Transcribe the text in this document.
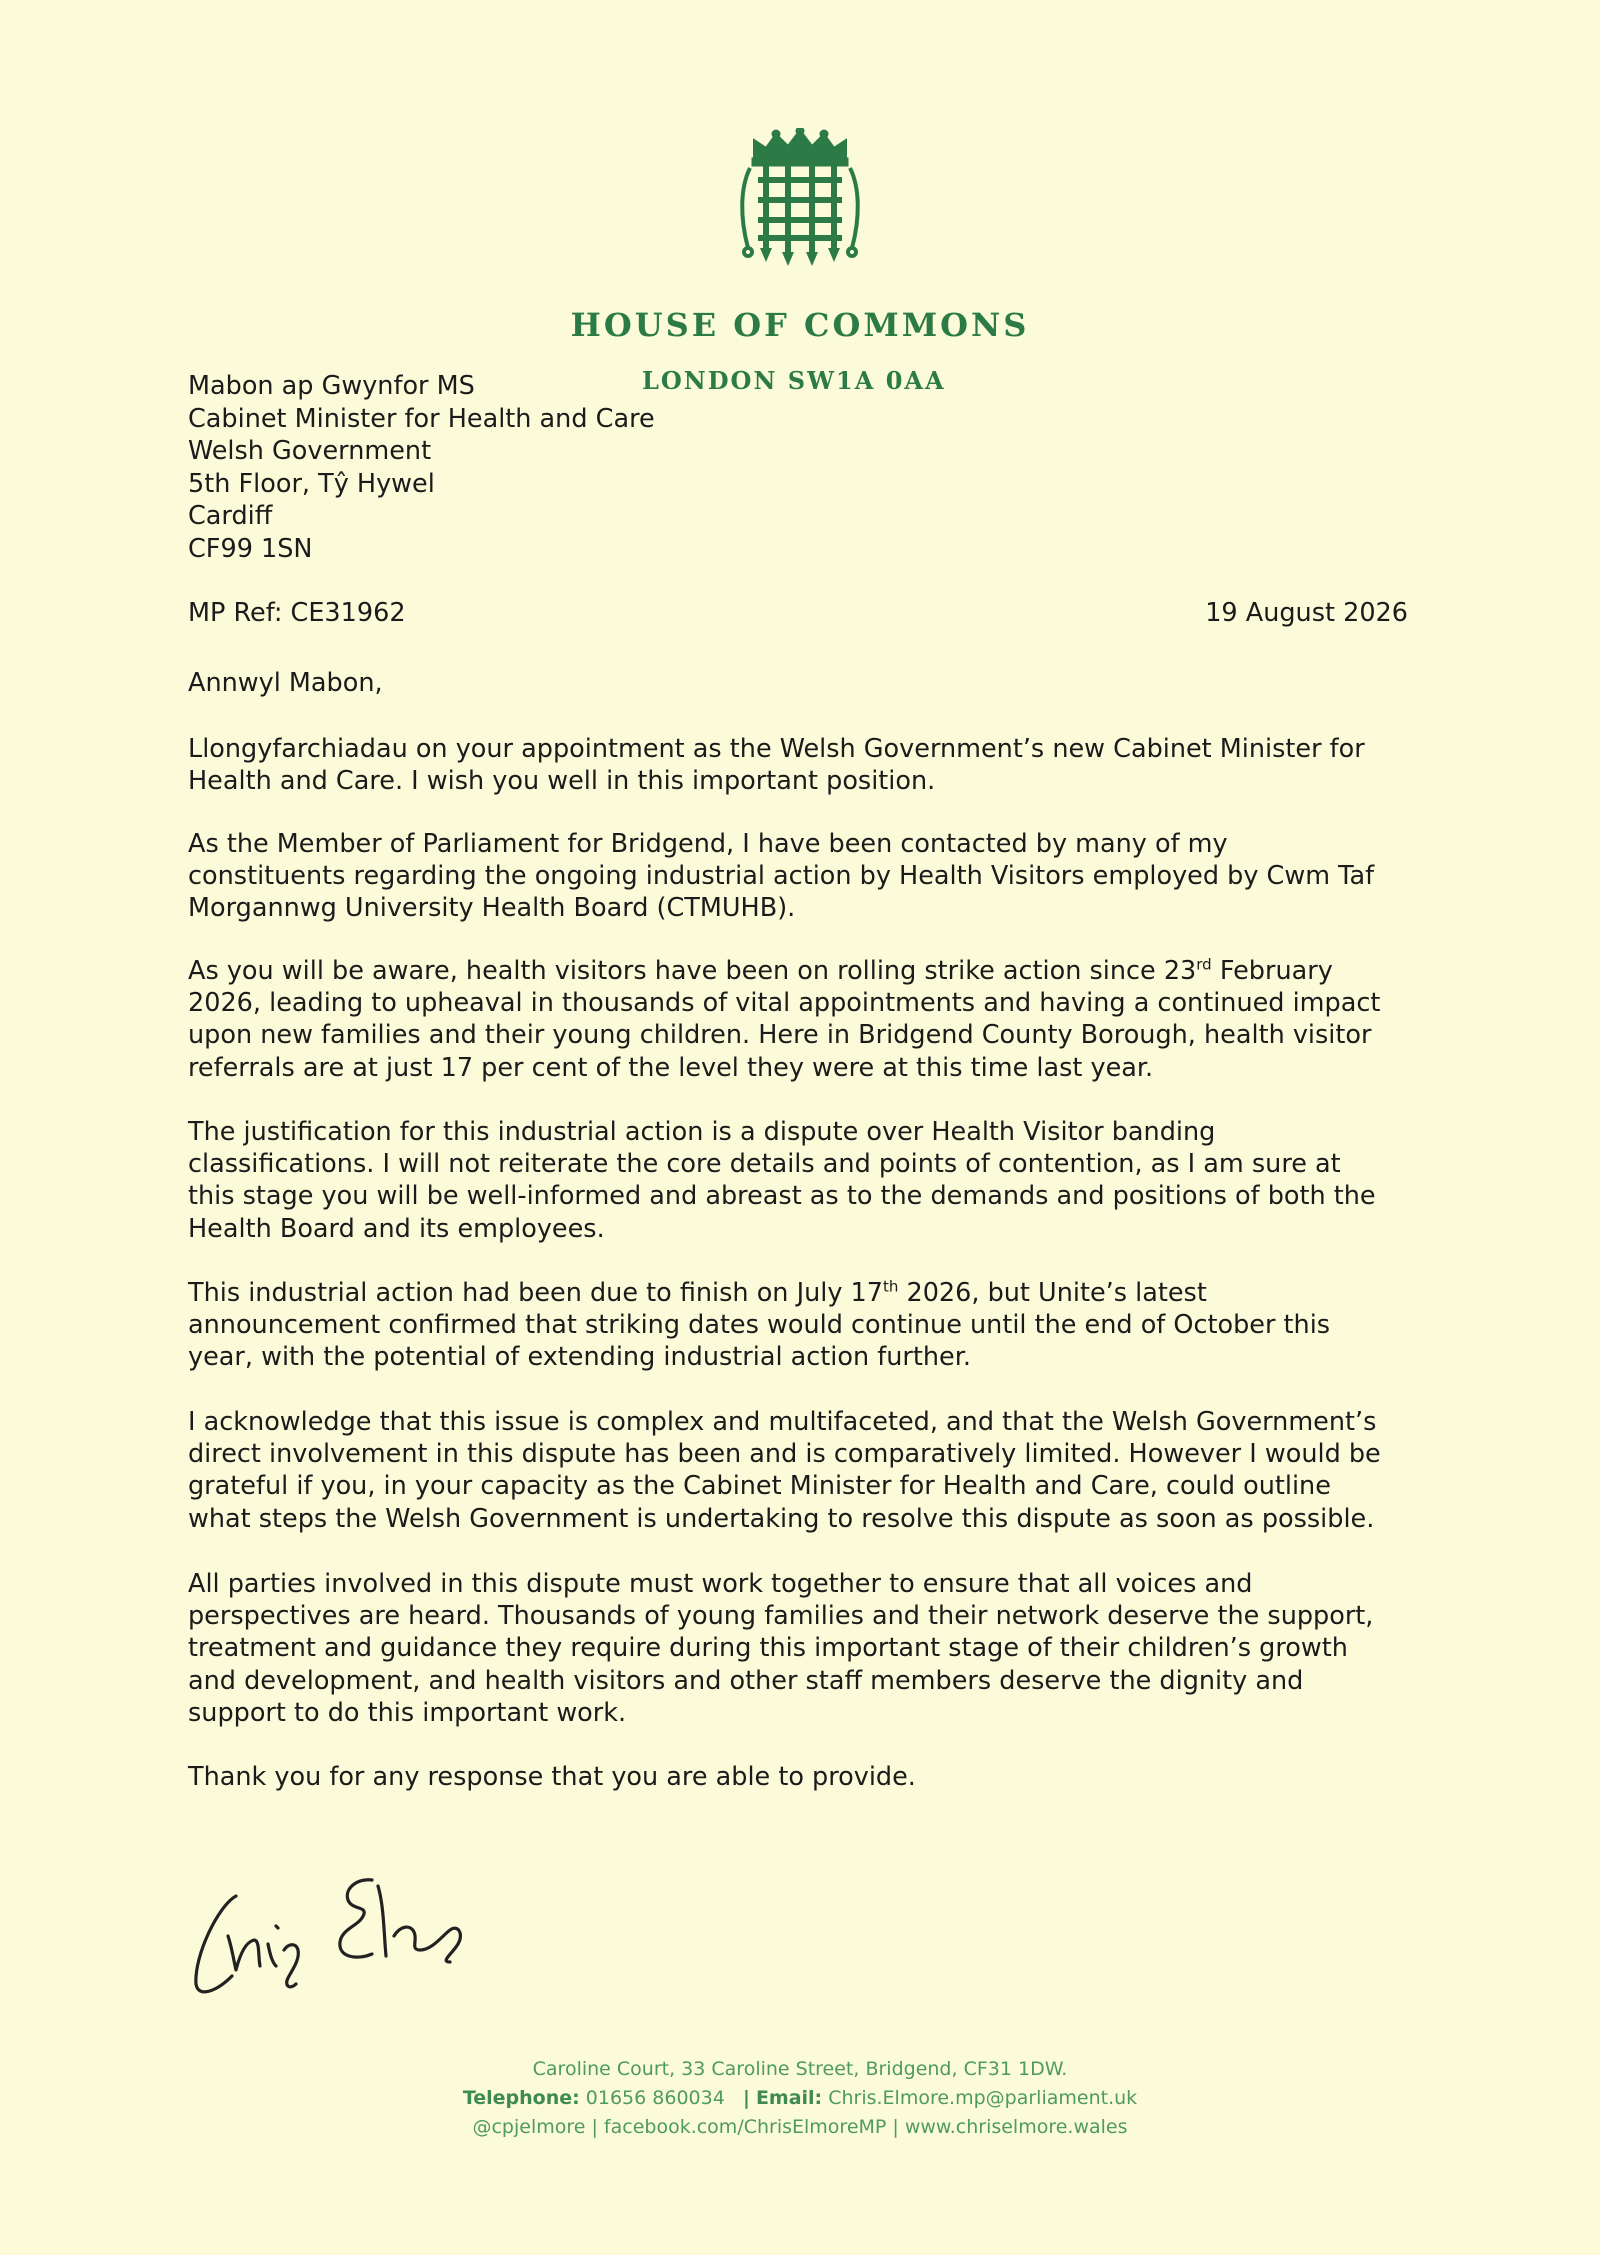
HOUSE OF COMMONS
LONDON SW1A 0AA
Mabon ap Gwynfor MS
Cabinet Minister for Health and Care
Welsh Government
5th Floor, Tŷ Hywel
Cardiff
CF99 1SN
MP Ref: CE31962	19 August 2026
Annwyl Mabon,
Llongyfarchiadau on your appointment as the Welsh Government’s new Cabinet Minister for
Health and Care. I wish you well in this important position.
As the Member of Parliament for Bridgend, I have been contacted by many of my
constituents regarding the ongoing industrial action by Health Visitors employed by Cwm Taf
Morgannwg University Health Board (CTMUHB).
As you will be aware, health visitors have been on rolling strike action since 23rd February
2026, leading to upheaval in thousands of vital appointments and having a continued impact
upon new families and their young children. Here in Bridgend County Borough, health visitor
referrals are at just 17 per cent of the level they were at this time last year.
The justification for this industrial action is a dispute over Health Visitor banding
classifications. I will not reiterate the core details and points of contention, as I am sure at
this stage you will be well-informed and abreast as to the demands and positions of both the
Health Board and its employees.
This industrial action had been due to finish on July 17th 2026, but Unite’s latest
announcement confirmed that striking dates would continue until the end of October this
year, with the potential of extending industrial action further.
I acknowledge that this issue is complex and multifaceted, and that the Welsh Government’s
direct involvement in this dispute has been and is comparatively limited. However I would be
grateful if you, in your capacity as the Cabinet Minister for Health and Care, could outline
what steps the Welsh Government is undertaking to resolve this dispute as soon as possible.
All parties involved in this dispute must work together to ensure that all voices and
perspectives are heard. Thousands of young families and their network deserve the support,
treatment and guidance they require during this important stage of their children’s growth
and development, and health visitors and other staff members deserve the dignity and
support to do this important work.
Thank you for any response that you are able to provide.
Caroline Court, 33 Caroline Street, Bridgend, CF31 1DW.
Telephone: 01656 860034 | Email: Chris.Elmore.mp@parliament.uk
@cpjelmore | facebook.com/ChrisElmoreMP | www.chriselmore.wales
